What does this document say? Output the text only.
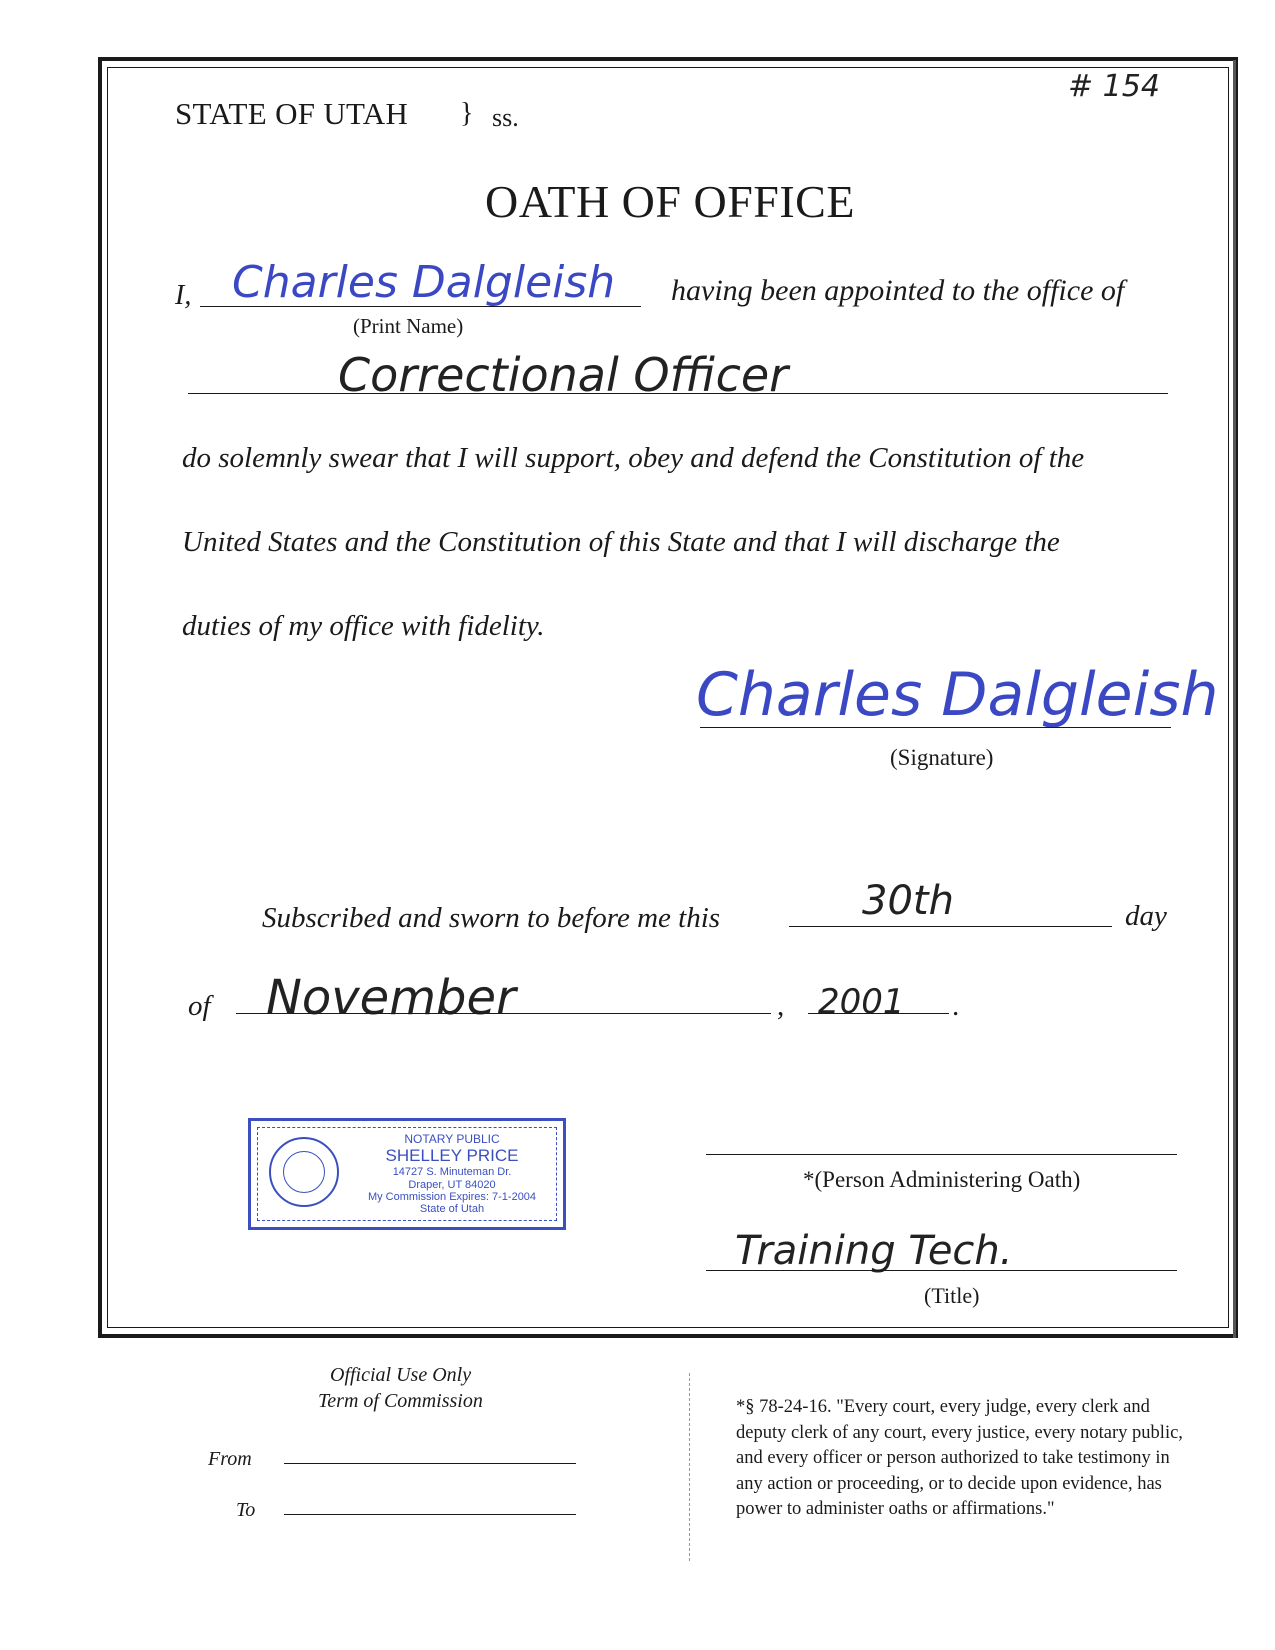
# 154
STATE OF UTAH } ss.
OATH OF OFFICE
I, Charles Dalgleish
(Print Name)
having been appointed to the office of
Correctional Officer
do solemnly swear that I will support, obey and defend the Constitution of the
United States and the Constitution of this State and that I will discharge the
duties of my office with fidelity.
Charles Dalgleish
(Signature)
Subscribed and sworn to before me this	30th	day
of November	, 2001 .
NOTARY PUBLIC
SHELLEY PRICE
14727 S. Minuteman Dr.
Draper, UT 84020
My Commission Expires: 7-1-2004
State of Utah
*(Person Administering Oath)
Training Tech.
(Title)
Official Use Only
Term of Commission
From
To
*§ 78-24-16. "Every court, every judge, every clerk and
deputy clerk of any court, every justice, every notary public,
and every officer or person authorized to take testimony in
any action or proceeding, or to decide upon evidence, has
power to administer oaths or affirmations."
